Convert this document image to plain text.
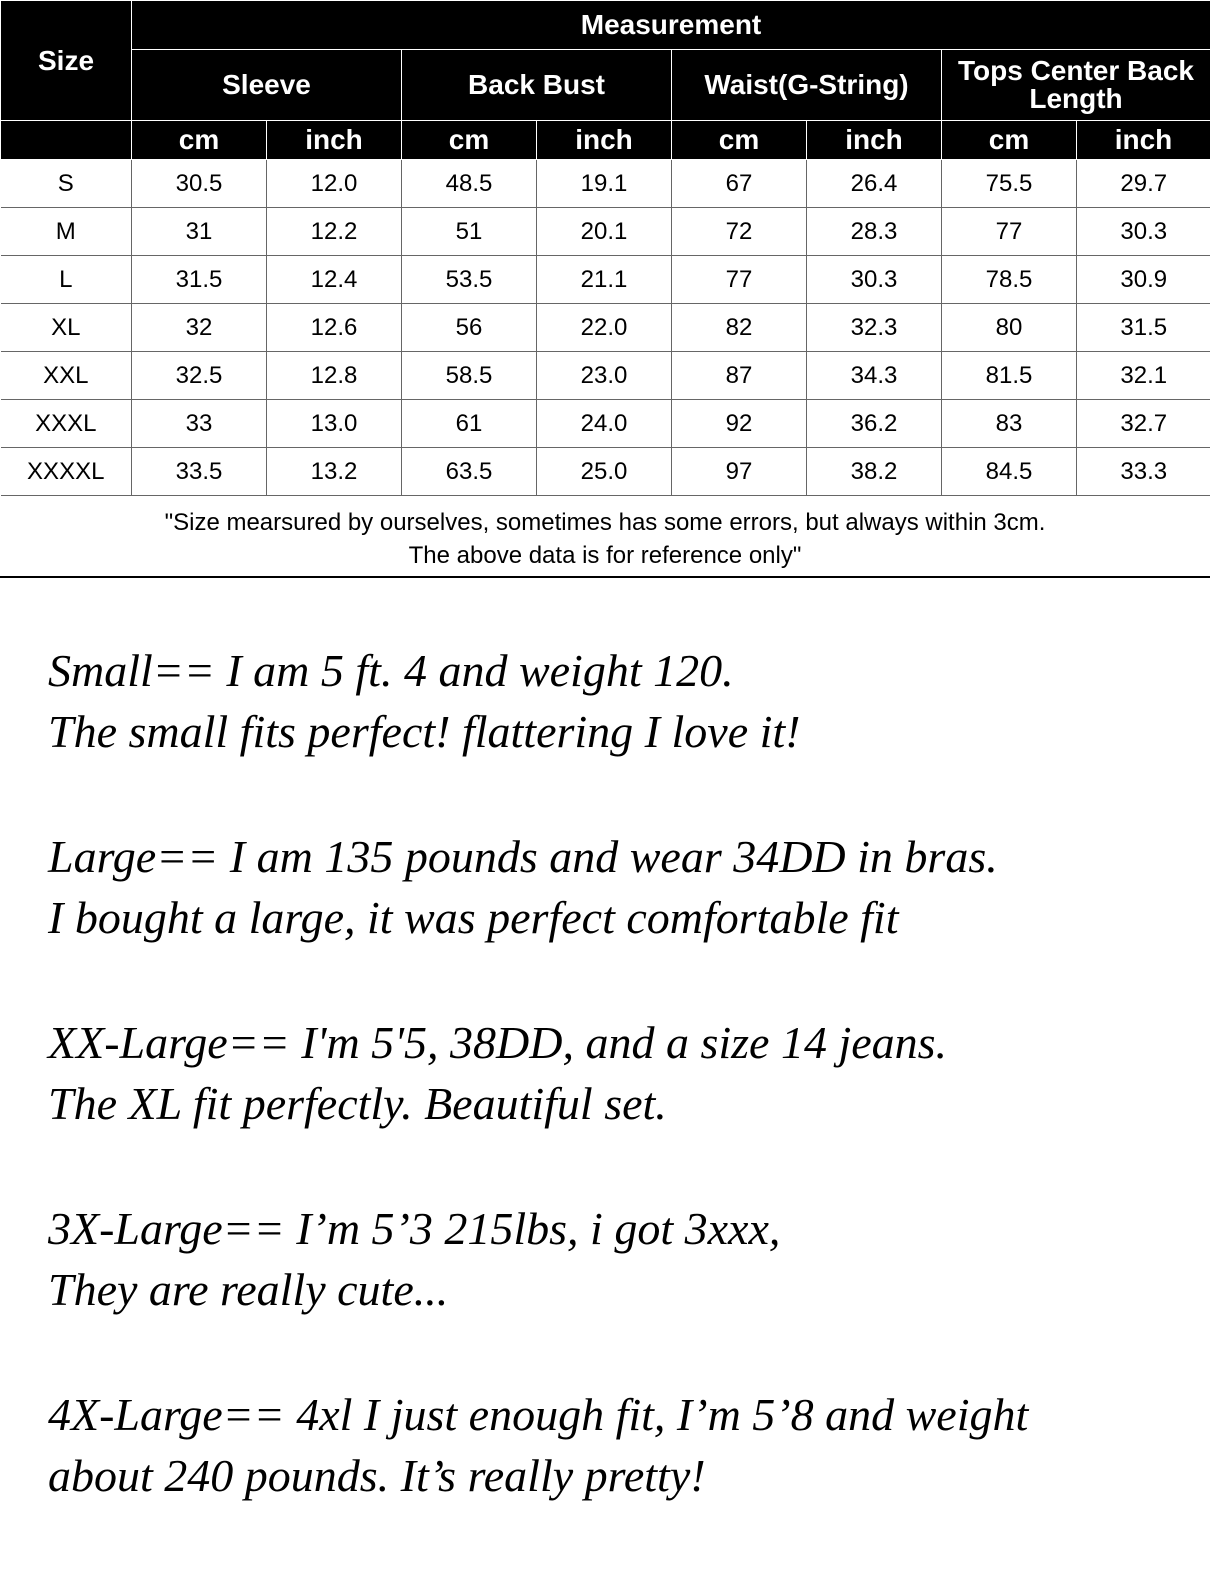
Size	Measurement							
	Sleeve		Back Bust		Waist(G-String)		Tops Center Back Length	
	cm	inch	cm	inch	cm	inch	cm	inch
S	30.5	12.0	48.5	19.1	67	26.4	75.5	29.7
M	31	12.2	51	20.1	72	28.3	77	30.3
L	31.5	12.4	53.5	21.1	77	30.3	78.5	30.9
XL	32	12.6	56	22.0	82	32.3	80	31.5
XXL	32.5	12.8	58.5	23.0	87	34.3	81.5	32.1
XXXL	33	13.0	61	24.0	92	36.2	83	32.7
XXXXL	33.5	13.2	63.5	25.0	97	38.2	84.5	33.3
"Size mearsured by ourselves, sometimes has some errors, but always within 3cm.
The above data is for reference only"
Small== I am 5 ft. 4 and weight 120.
The small fits perfect! flattering I love it!
Large== I am 135 pounds and wear 34DD in bras.
I bought a large, it was perfect comfortable fit
XX-Large== I'm 5'5, 38DD, and a size 14 jeans.
The XL fit perfectly. Beautiful set.
3X-Large== I’m 5’3 215lbs, i got 3xxx,
They are really cute...
4X-Large== 4xl I just enough fit, I’m 5’8 and weight
about 240 pounds. It’s really pretty!
